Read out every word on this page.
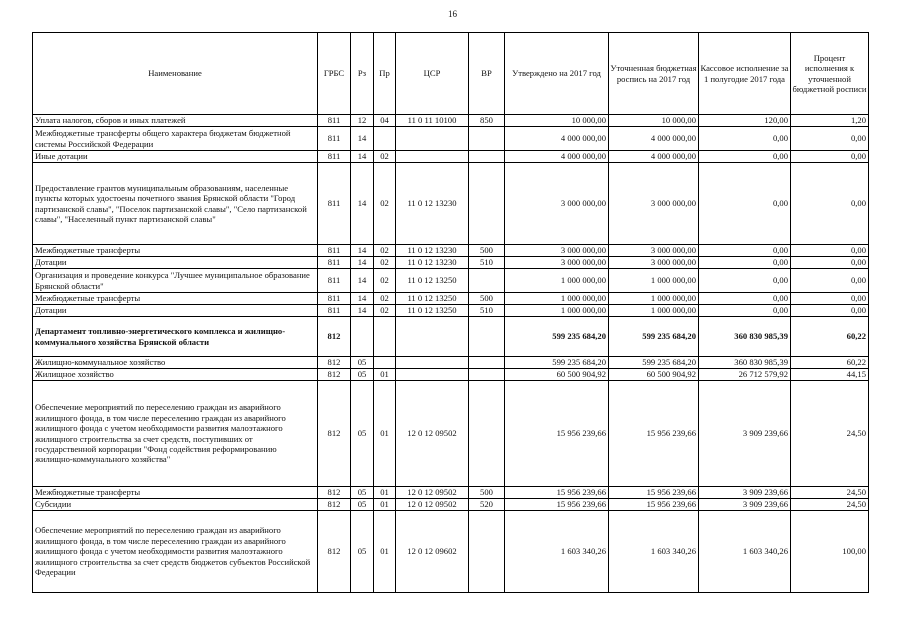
16
Наименование	ГРБС	Рз	Пр	ЦСР	ВР	Утверждено на 2017 год	Уточненная бюджетная роспись на 2017 год	Кассовое исполнение за 1 полугодие 2017 года	Процент исполнения к уточненной бюджетной росписи
Уплата налогов, сборов и иных платежей	811	12	04	11 0 11 10100	850	10 000,00	10 000,00	120,00	1,20
Межбюджетные трансферты общего характера бюджетам бюджетной системы Российской Федерации	811	14				4 000 000,00	4 000 000,00	0,00	0,00
Иные дотации	811	14	02			4 000 000,00	4 000 000,00	0,00	0,00
Предоставление грантов муниципальным образованиям, населенные пункты которых удостоены почетного звания Брянской области "Город партизанской славы", "Поселок партизанской славы", "Село партизанской славы", "Населенный пункт партизанской славы"	811	14	02	11 0 12 13230		3 000 000,00	3 000 000,00	0,00	0,00
Межбюджетные трансферты	811	14	02	11 0 12 13230	500	3 000 000,00	3 000 000,00	0,00	0,00
Дотации	811	14	02	11 0 12 13230	510	3 000 000,00	3 000 000,00	0,00	0,00
Организация и проведение конкурса "Лучшее муниципальное образование Брянской области"	811	14	02	11 0 12 13250		1 000 000,00	1 000 000,00	0,00	0,00
Межбюджетные трансферты	811	14	02	11 0 12 13250	500	1 000 000,00	1 000 000,00	0,00	0,00
Дотации	811	14	02	11 0 12 13250	510	1 000 000,00	1 000 000,00	0,00	0,00
Департамент топливно-энергетического комплекса и жилищно-коммунального хозяйства Брянской области	812					599 235 684,20	599 235 684,20	360 830 985,39	60,22
Жилищно-коммунальное хозяйство	812	05				599 235 684,20	599 235 684,20	360 830 985,39	60,22
Жилищное хозяйство	812	05	01			60 500 904,92	60 500 904,92	26 712 579,92	44,15
Обеспечение мероприятий по переселению граждан из аварийного жилищного фонда, в том числе переселению граждан из аварийного жилищного фонда с учетом необходимости развития малоэтажного жилищного строительства за счет средств, поступивших от государственной корпорации "Фонд содействия реформированию жилищно-коммунального хозяйства"	812	05	01	12 0 12 09502		15 956 239,66	15 956 239,66	3 909 239,66	24,50
Межбюджетные трансферты	812	05	01	12 0 12 09502	500	15 956 239,66	15 956 239,66	3 909 239,66	24,50
Субсидии	812	05	01	12 0 12 09502	520	15 956 239,66	15 956 239,66	3 909 239,66	24,50
Обеспечение мероприятий по переселению граждан из аварийного жилищного фонда, в том числе переселению граждан из аварийного жилищного фонда с учетом необходимости развития малоэтажного жилищного строительства за счет средств бюджетов субъектов Российской Федерации	812	05	01	12 0 12 09602		1 603 340,26	1 603 340,26	1 603 340,26	100,00
